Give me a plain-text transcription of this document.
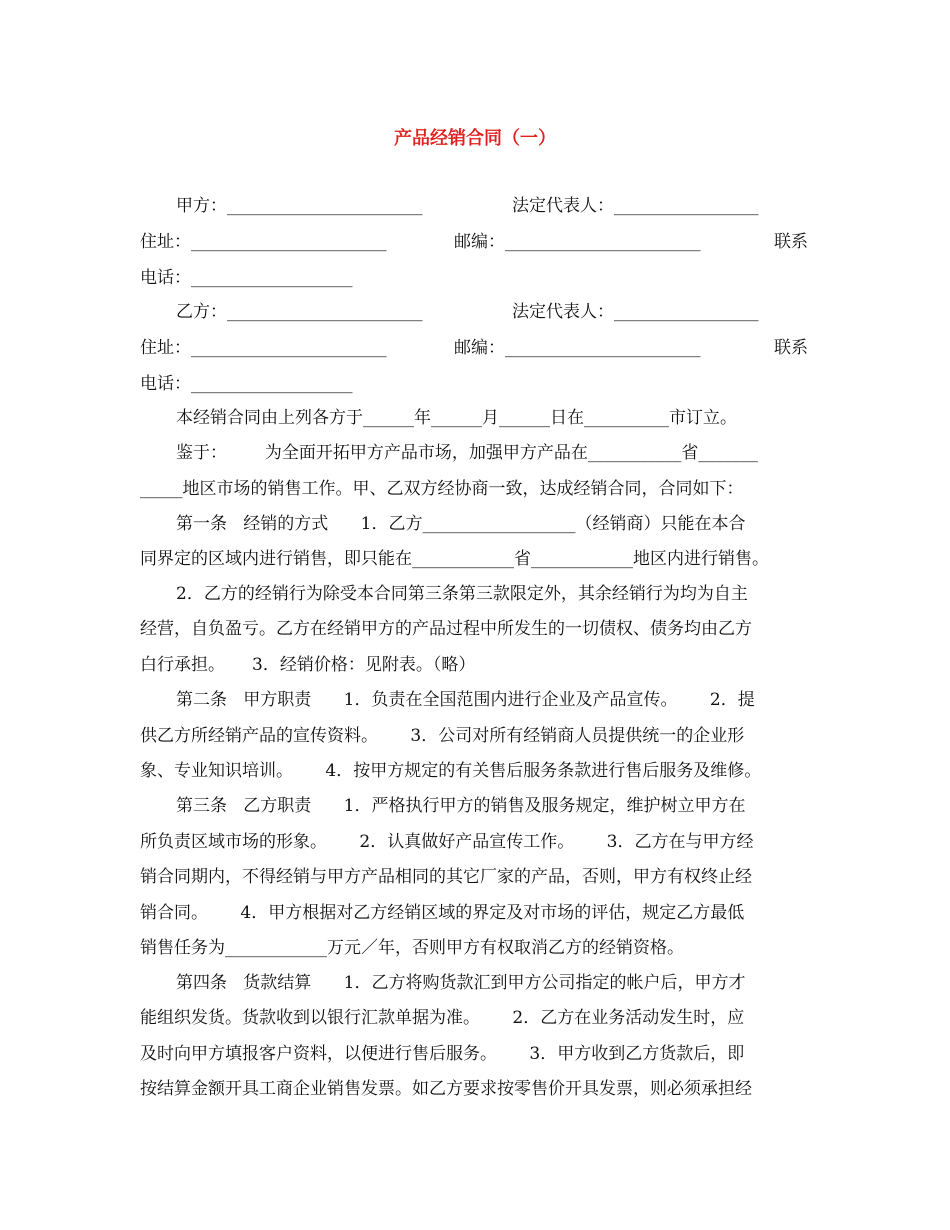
产品经销合同（一）
甲方：_______________________	法定代表人：_________________
住址：_______________________	邮编：_______________________	联系
电话：___________________
乙方：_______________________	法定代表人：_________________
住址：_______________________	邮编：_______________________	联系
电话：___________________
本经销合同由上列各方于______年______月______日在__________市订立。
鉴于：       为全面开拓甲方产品市场，加强甲方产品在___________省_______
_____地区市场的销售工作。甲、乙双方经协商一致，达成经销合同，合同如下：
第一条   经销的方式      1．乙方__________________（经销商）只能在本合
同界定的区域内进行销售，即只能在____________省____________地区内进行销售。
2．乙方的经销行为除受本合同第三条第三款限定外，其余经销行为均为自主
经营，自负盈亏。乙方在经销甲方的产品过程中所发生的一切债权、债务均由乙方
白行承担。     3．经销价格：见附表。（略）
第二条   甲方职责      1．负责在全国范围内进行企业及产品宣传。      2．提
供乙方所经销产品的宣传资料。      3．公司对所有经销商人员提供统一的企业形
象、专业知识培训。      4．按甲方规定的有关售后服务条款进行售后服务及维修。
第三条   乙方职责      1．严格执行甲方的销售及服务规定，维护树立甲方在
所负责区域市场的形象。      2．认真做好产品宣传工作。      3．乙方在与甲方经
销合同期内，不得经销与甲方产品相同的其它厂家的产品，否则，甲方有权终止经
销合同。      4．甲方根据对乙方经销区域的界定及对市场的评估，规定乙方最低
销售任务为____________万元／年，否则甲方有权取消乙方的经销资格。
第四条   货款结算      1．乙方将购货款汇到甲方公司指定的帐户后，甲方才
能组织发货。货款收到以银行汇款单据为准。      2．乙方在业务活动发生时，应
及时向甲方填报客户资料，以便进行售后服务。      3．甲方收到乙方货款后，即
按结算金额开具工商企业销售发票。如乙方要求按零售价开具发票，则必须承担经
